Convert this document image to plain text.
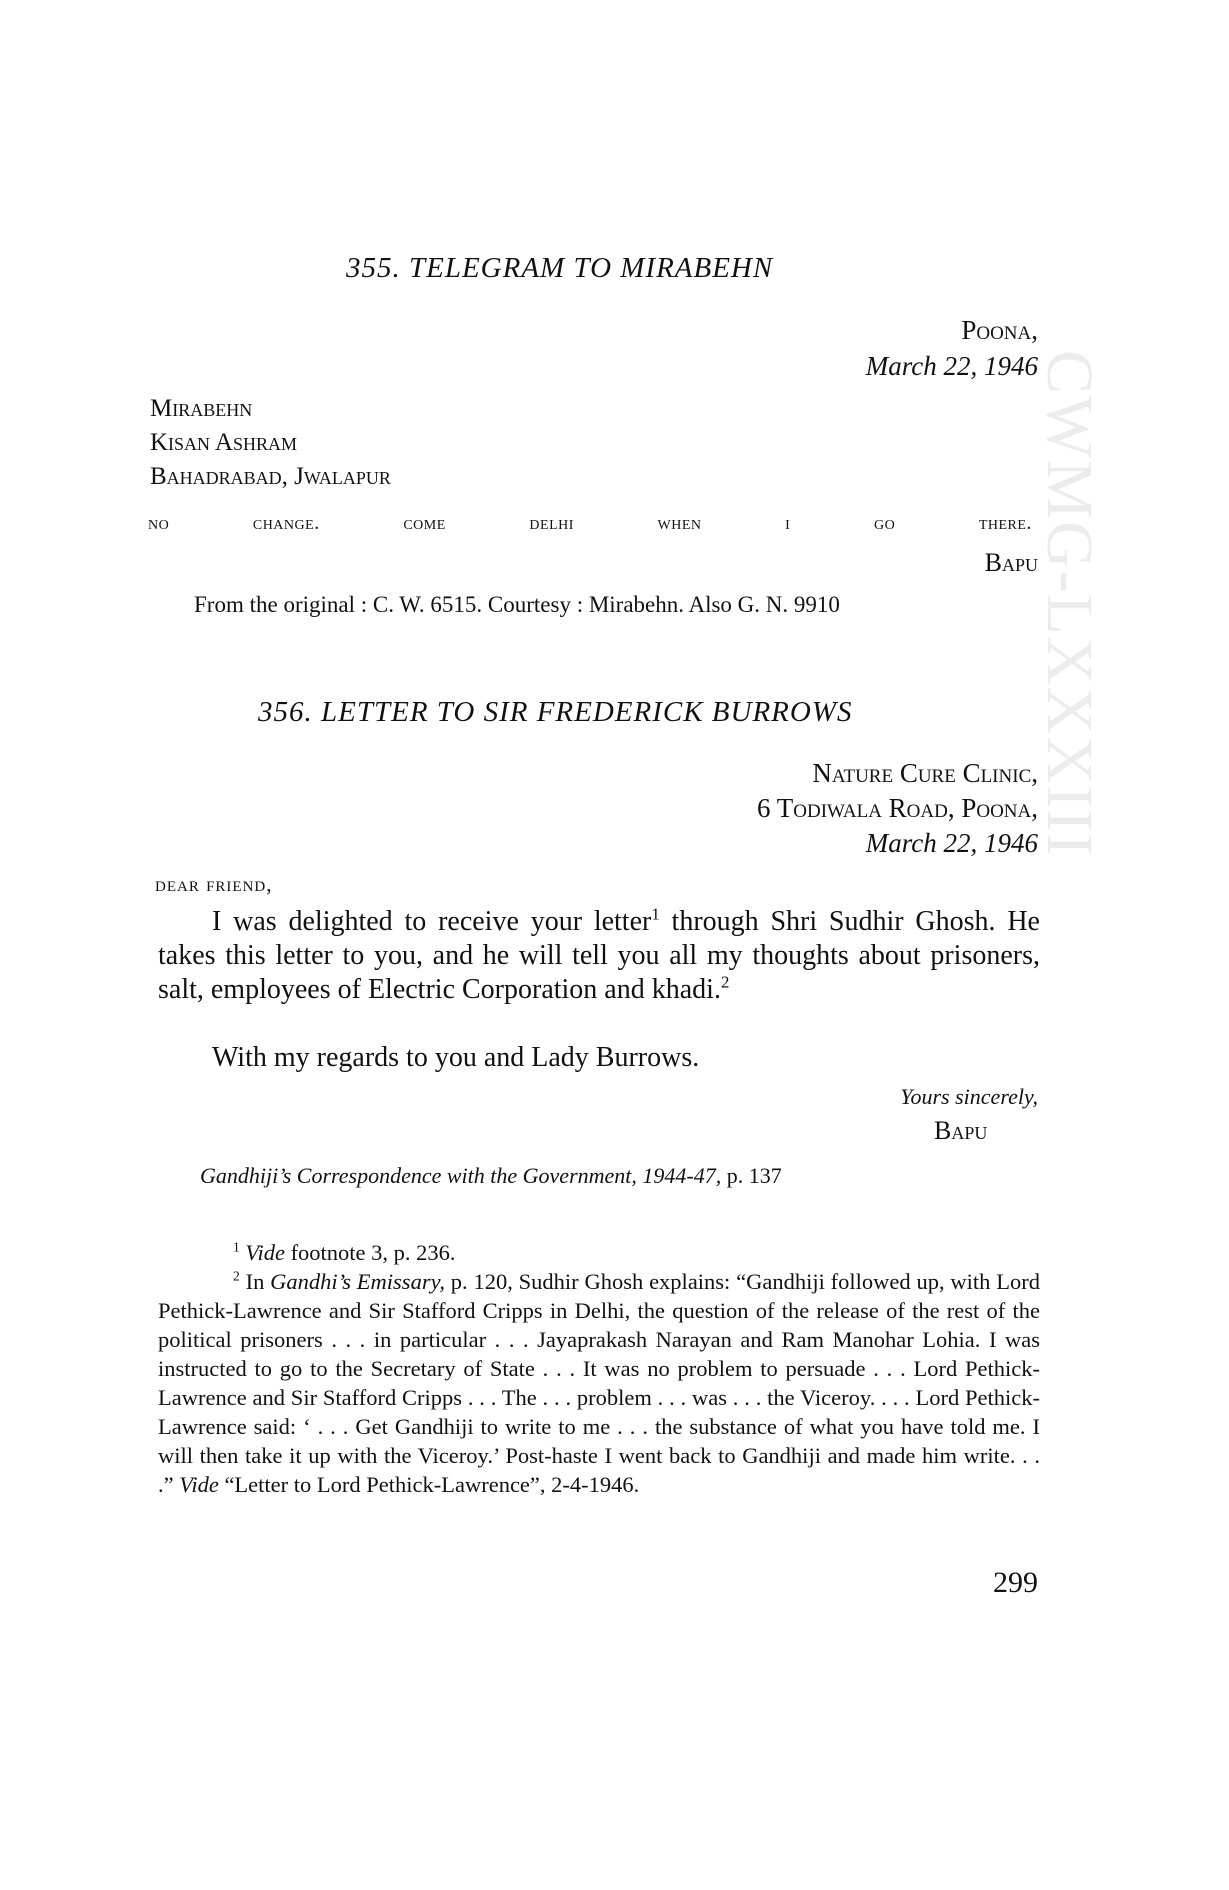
CWMG-LXXXIII
355. TELEGRAM TO MIRABEHN
Poona,
March 22, 1946
Mirabehn
Kisan Ashram
Bahadrabad, Jwalapur
no	change.	come	delhi	when	i	go	there.
Bapu
From the original : C. W. 6515. Courtesy : Mirabehn. Also G. N. 9910
356. LETTER TO SIR FREDERICK BURROWS
Nature Cure Clinic,
6 Todiwala Road, Poona,
March 22, 1946
dear friend,
I was delighted to receive your letter$^1$ through Shri Sudhir Ghosh. He takes this letter to you, and he will tell you all my thoughts about prisoners, salt, employees of Electric Corporation and khadi.$^2$
With my regards to you and Lady Burrows.
Yours sincerely,
Bapu
Gandhiji’s Correspondence with the Government, 1944-47, p. 137
$^1$ Vide footnote 3, p. 236.
$^2$ In Gandhi’s Emissary, p. 120, Sudhir Ghosh explains: “Gandhiji followed up, with Lord Pethick-Lawrence and Sir Stafford Cripps in Delhi, the question of the release of the rest of the political prisoners . . . in particular . . . Jayaprakash Narayan and Ram Manohar Lohia. I was instructed to go to the Secretary of State . . . It was no problem to persuade . . . Lord Pethick-Lawrence and Sir Stafford Cripps . . . The . . . problem . . . was . . . the Viceroy. . . . Lord Pethick-Lawrence said: ‘ . . . Get Gandhiji to write to me . . . the substance of what you have told me. I will then take it up with the Viceroy.’ Post-haste I went back to Gandhiji and made him write. . . .” Vide “Letter to Lord Pethick-Lawrence”, 2-4-1946.
299
